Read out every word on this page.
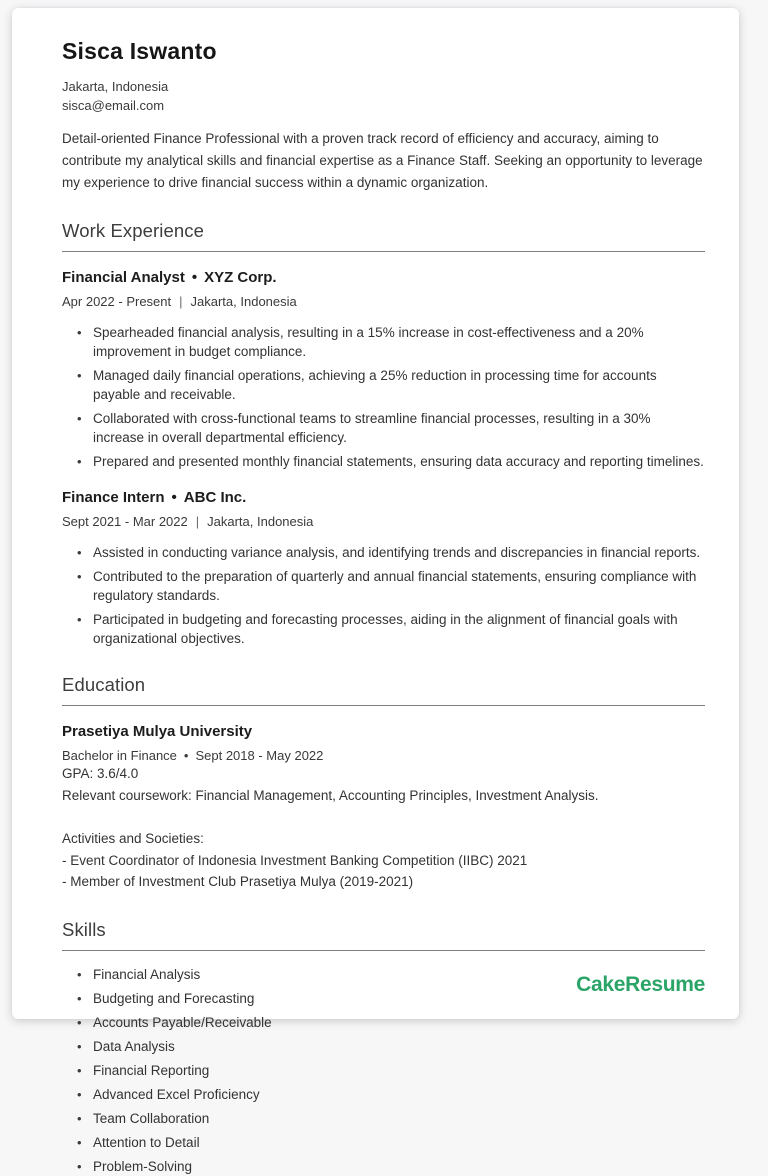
Sisca Iswanto
Jakarta, Indonesia
sisca@email.com

Detail-oriented Finance Professional with a proven track record of efficiency and accuracy, aiming to contribute my analytical skills and financial expertise as a Finance Staff. Seeking an opportunity to leverage my experience to drive financial success within a dynamic organization.

Work Experience
Financial Analyst • XYZ Corp.
Apr 2022 - Present | Jakarta, Indonesia
• Spearheaded financial analysis, resulting in a 15% increase in cost-effectiveness and a 20% improvement in budget compliance.
• Managed daily financial operations, achieving a 25% reduction in processing time for accounts payable and receivable.
• Collaborated with cross-functional teams to streamline financial processes, resulting in a 30% increase in overall departmental efficiency.
• Prepared and presented monthly financial statements, ensuring data accuracy and reporting timelines.
Finance Intern • ABC Inc.
Sept 2021 - Mar 2022 | Jakarta, Indonesia
• Assisted in conducting variance analysis, and identifying trends and discrepancies in financial reports.
• Contributed to the preparation of quarterly and annual financial statements, ensuring compliance with regulatory standards.
• Participated in budgeting and forecasting processes, aiding in the alignment of financial goals with organizational objectives.
Education
Prasetiya Mulya University
Bachelor in Finance • Sept 2018 - May 2022
GPA: 3.6/4.0
Relevant coursework: Financial Management, Accounting Principles, Investment Analysis.
Activities and Societies:
- Event Coordinator of Indonesia Investment Banking Competition (IIBC) 2021
- Member of Investment Club Prasetiya Mulya (2019-2021)
Skills
• Financial Analysis
• Budgeting and Forecasting
• Accounts Payable/Receivable
• Data Analysis
• Financial Reporting
• Advanced Excel Proficiency
• Team Collaboration
• Attention to Detail
• Problem-Solving
CakeResume
